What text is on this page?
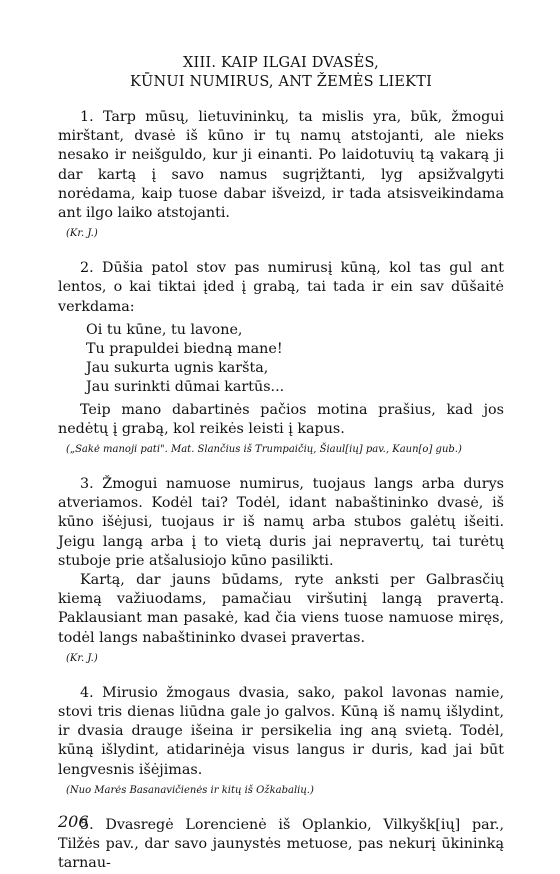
XIII. KAIP ILGAI DVASĖS,
KŪNUI NUMIRUS, ANT ŽEMĖS LIEKTI

1. Tarp mūsų, lietuvininkų, ta mislis yra, būk, žmogui mirštant, dvasė iš kūno ir tų namų atstojanti, ale nieks nesako ir neišguldo, kur ji einanti. Po laidotuvių tą vakarą ji dar kartą į savo namus sugrįžtanti, lyg apsižvalgyti norėdama, kaip tuose dabar išveizd, ir tada atsisveikindama ant ilgo laiko atstojanti.

(Kr. J.)

2. Dūšia patol stov pas numirusį kūną, kol tas gul ant lentos, o kai tiktai įded į grabą, tai tada ir ein sav dūšaitė verkdama:

Oi tu kūne, tu lavone,
Tu prapuldei biedną mane!
Jau sukurta ugnis karšta,
Jau surinkti dūmai kartūs...

Teip mano dabartinės pačios motina prašius, kad jos nedėtų į grabą, kol reikės leisti į kapus.

(„Sakė manoji pati". Mat. Slančius iš Trumpaičių, Šiaul[ių] pav., Kaun[o] gub.)

3. Žmogui namuose numirus, tuojaus langs arba durys atveriamos. Kodėl tai? Todėl, idant nabaštininko dvasė, iš kūno išėjusi, tuojaus ir iš namų arba stubos galėtų išeiti. Jeigu langą arba į to vietą duris jai nepravertų, tai turėtų stuboje prie atšalusiojo kūno pasilikti.

Kartą, dar jauns būdams, ryte anksti per Galbrasčių kiemą važiuodams, pamačiau viršutinį langą pravertą. Paklausiant man pasakė, kad čia viens tuose namuose miręs, todėl langs nabaštininko dvasei pravertas.

(Kr. J.)

4. Mirusio žmogaus dvasia, sako, pakol lavonas namie, stovi tris dienas liūdna gale jo galvos. Kūną iš namų išlydint, ir dvasia drauge išeina ir persikelia ing aną svietą. Todėl, kūną išlydint, atidarinėja visus langus ir duris, kad jai būt lengvesnis išėjimas.

(Nuo Marės Basanavičienės ir kitų iš Ožkabalių.)

5. Dvasregė Lorencienė iš Oplankio, Vilkyšk[ių] par., Tilžės pav., dar savo jaunystės metuose, pas nekurį ūkininką tarnau-

206
